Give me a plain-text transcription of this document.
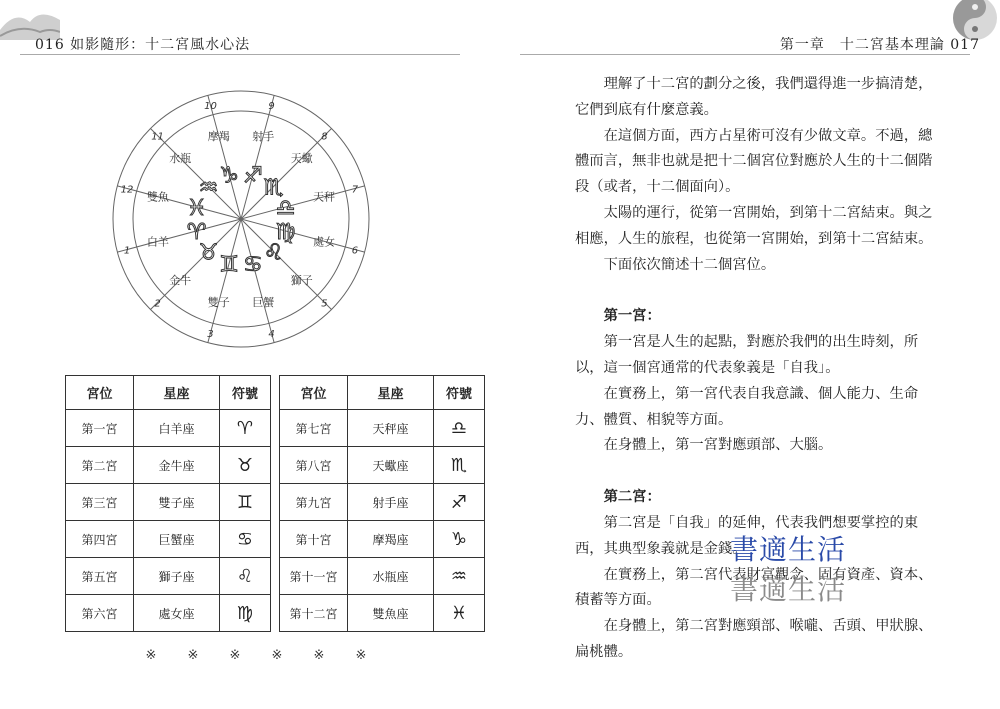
016 如影隨形：十二宮風水心法
白羊
金牛
雙子 巨蟹
獅子
處女
天秤
天蠍
射手
摩羯
水瓶
雙魚
♈
♉ ♊ ♋ ♌
♍
♎
♏
♐
♑
♒
♓
1
2
3	4
5
6
7
8
9
10
11
12
宮位	星座	符號		宮位	星座	符號
第一宮	白羊座	♈		第七宮	天秤座	♎
第二宮	金牛座	♉		第八宮	天蠍座	♏
第三宮	雙子座	♊		第九宮	射手座	♐
第四宮	巨蟹座	♋		第十宮	摩羯座	♑
第五宮	獅子座	♌		第十一宮	水瓶座	♒
第六宮	處女座	♍		第十二宮	雙魚座	♓
※ ※ ※ ※ ※ ※
第一章　十二宮基本理論 017

理解了十二宮的劃分之後，我們還得進一步搞清楚，它們到底有什麼意義。

在這個方面，西方占星術可沒有少做文章。不過，總體而言，無非也就是把十二個宮位對應於人生的十二個階段（或者，十二個面向）。

太陽的運行，從第一宮開始，到第十二宮結束。與之相應，人生的旅程，也從第一宮開始，到第十二宮結束。

下面依次簡述十二個宮位。

第一宮：

第一宮是人生的起點，對應於我們的出生時刻，所以，這一個宮通常的代表象義是「自我」。

在實務上，第一宮代表自我意識、個人能力、生命力、體質、相貌等方面。

在身體上，第一宮對應頭部、大腦。

第二宮：

第二宮是「自我」的延伸，代表我們想要掌控的東西，其典型象義就是金錢。

在實務上，第二宮代表財富觀念、固有資產、資本、積蓄等方面。

在身體上，第二宮對應頸部、喉嚨、舌頭、甲狀腺、扁桃體。

書適生活
書適生活
